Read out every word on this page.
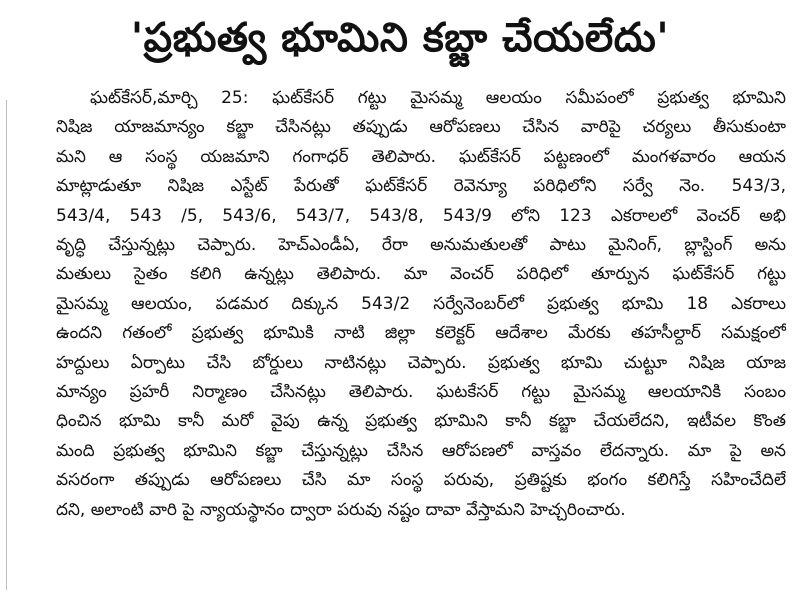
'ప్రభుత్వ భూమిని కబ్జా చేయలేదు'
ఘట్‌కేసర్,మార్చి 25: ఘట్‌కేసర్ గట్టు మైసమ్మ ఆలయం సమీపంలో ప్రభుత్వ భూమిని
నిషిజ యాజమాన్యం కబ్జా చేసినట్లు తప్పుడు ఆరోపణలు చేసిన వారిపై చర్యలు తీసుకుంటా
మని ఆ సంస్థ యజమాని గంగాధర్ తెలిపారు. ఘట్‌కేసర్ పట్టణంలో మంగళవారం ఆయన
మాట్లాడుతూ నిషిజ ఎస్టేట్ పేరుతో ఘట్‌కేసర్ రెవెన్యూ పరిధిలోని సర్వే నెం. 543/3,
543/4, 543 /5, 543/6, 543/7, 543/8, 543/9 లోని 123 ఎకరాలలో వెంచర్ అభి
వృద్ధి చేస్తున్నట్లు చెప్పారు. హెచ్ఎండీఏ, రేరా అనుమతులతో పాటు మైనింగ్, బ్లాస్టింగ్ అను
మతులు సైతం కలిగి ఉన్నట్లు తెలిపారు. మా వెంచర్ పరిధిలో తూర్పున ఘట్‌కేసర్ గట్టు
మైసమ్మ ఆలయం, పడమర దిక్కున 543/2 సర్వేనెంబర్‌లో ప్రభుత్వ భూమి 18 ఎకరాలు
ఉందని గతంలో ప్రభుత్వ భూమికి నాటి జిల్లా కలెక్టర్ ఆదేశాల మేరకు తహసీల్దార్ సమక్షంలో
హద్దులు ఏర్పాటు చేసి బోర్డులు నాటినట్లు చెప్పారు. ప్రభుత్వ భూమి చుట్టూ నిషిజ యాజ
మాన్యం ప్రహరీ నిర్మాణం చేసినట్లు తెలిపారు. ఘటకేసర్ గట్టు మైసమ్మ ఆలయానికి సంబం
ధించిన భూమి కానీ మరో వైపు ఉన్న ప్రభుత్వ భూమిని కానీ కబ్జా చేయలేదని, ఇటీవల కొంత
మంది ప్రభుత్వ భూమిని కబ్జా చేస్తున్నట్లు చేసిన ఆరోపణలో వాస్తవం లేదన్నారు. మా పై అన
వసరంగా తప్పుడు ఆరోపణలు చేసి మా సంస్థ పరువు, ప్రతిష్టకు భంగం కలిగిస్తే సహించేదిలే
దని, అలాంటి వారి పై న్యాయస్థానం ద్వారా పరువు నష్టం దావా వేస్తామని హెచ్చరించారు.
